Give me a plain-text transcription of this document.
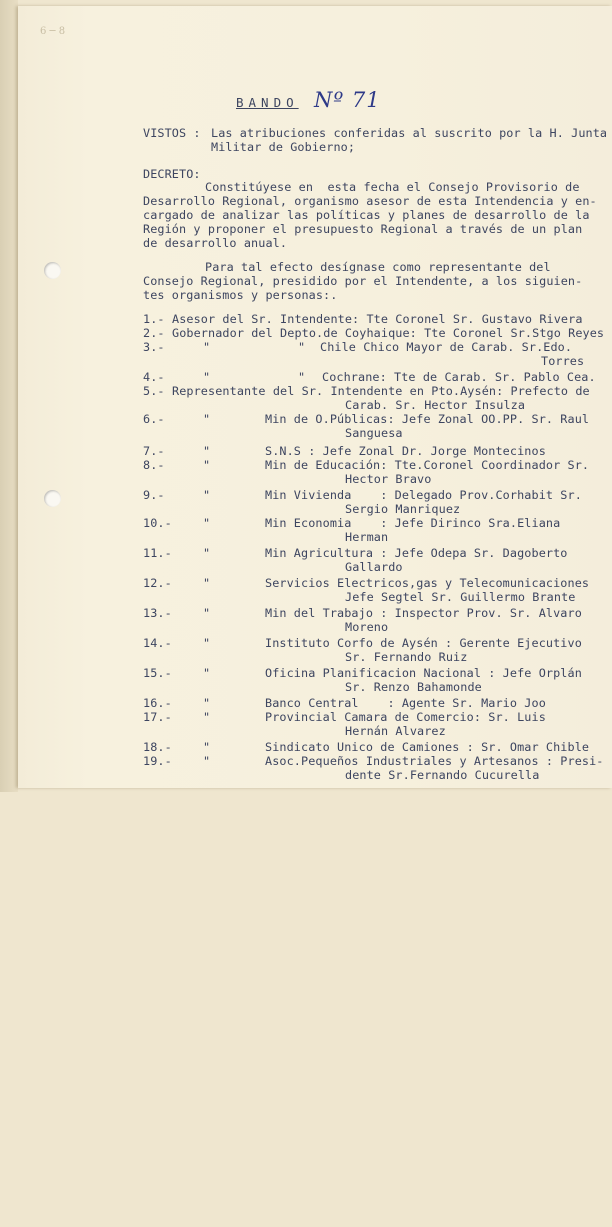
6 ─ 8
BANDO Nº 71

VISTOS :

Las atribuciones conferidas al suscrito por la H. Junta

Militar de Gobierno;

DECRETO:

Constitúyese en  esta fecha el Consejo Provisorio de

Desarrollo Regional, organismo asesor de esta Intendencia y en-

cargado de analizar las políticas y planes de desarrollo de la

Región y proponer el presupuesto Regional a través de un plan

de desarrollo anual.

Para tal efecto desígnase como representante del

Consejo Regional, presidido por el Intendente, a los siguien-

tes organismos y personas:.

1.-

Asesor del Sr. Intendente: Tte Coronel Sr. Gustavo Rivera

2.-

Gobernador del Depto.de Coyhaique: Tte Coronel Sr.Stgo Reyes

3.-

	"

	"

Chile Chico Mayor de Carab. Sr.Edo.

Torres

4.-

	"

	"

Cochrane: Tte de Carab. Sr. Pablo Cea.

5.-

Representante del Sr. Intendente en Pto.Aysén: Prefecto de

Carab. Sr. Hector Insulza

6.-

	"

	Min de O.Públicas: Jefe Zonal OO.PP. Sr. Raul

Sanguesa

7.-

	"

	S.N.S : Jefe Zonal Dr. Jorge Montecinos

8.-

	"

	Min de Educación: Tte.Coronel Coordinador Sr.

Hector Bravo

9.-

	"

	Min Vivienda    : Delegado Prov.Corhabit Sr.

Sergio Manriquez

10.-

	"

	Min Economia    : Jefe Dirinco Sra.Eliana

Herman

11.-

	"

	Min Agricultura : Jefe Odepa Sr. Dagoberto

Gallardo

12.-

	"

	Servicios Electricos,gas y Telecomunicaciones

Jefe Segtel Sr. Guillermo Brante

13.-

	"

	Min del Trabajo : Inspector Prov. Sr. Alvaro

Moreno

14.-

	"

	Instituto Corfo de Aysén : Gerente Ejecutivo

Sr. Fernando Ruiz

15.-

	"

	Oficina Planificacion Nacional : Jefe Orplán

Sr. Renzo Bahamonde

16.-

	"

	Banco Central    : Agente Sr. Mario Joo

17.-

	"

	Provincial Camara de Comercio: Sr. Luis

Hernán Alvarez

18.-

	"

	Sindicato Unico de Camiones : Sr. Omar Chible

19.-

	"

	Asoc.Pequeños Industriales y Artesanos : Presi-

dente Sr.Fernando Cucurella
